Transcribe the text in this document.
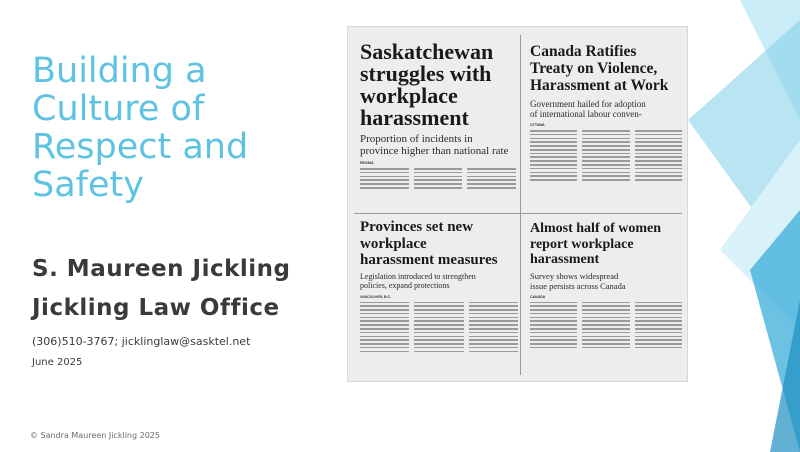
Building a
Culture of
Respect and
Safety
S. Maureen Jickling
Jickling Law Office
(306)510-3767; jicklinglaw@sasktel.net
June 2025
© Sandra Maureen Jickling 2025
Saskatchewan
struggles with
workplace
harassment
Proportion of incidents in
province higher than national rate
REGINA
Canada Ratifies
Treaty on Violence,
Harassment at Work
Government hailed for adoption
of international labour conven-
OTTAWA
Provinces set new
workplace
harassment measures
Legislation introduced to strengthen
policies, expand protections
VANCOUVER, B.C.
Almost half of women
report workplace
harassment
Survey shows widespread
issue persists across Canada
CANADA
